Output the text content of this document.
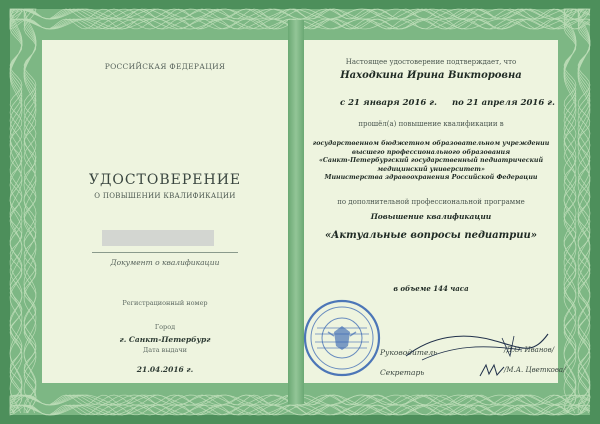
РОССИЙСКАЯ ФЕДЕРАЦИЯ
УДОСТОВЕРЕНИЕ
О ПОВЫШЕНИИ КВАЛИФИКАЦИИ
Документ о квалификации
Регистрационный номер
Город
г. Санкт-Петербург
Дата выдачи
21.04.2016 г.
Настоящее удостоверение подтверждает, что
Находкина Ирина Викторовна
с 21 января 2016 г. по 21 апреля 2016 г.
прошёл(а) повышение квалификации в
государственном бюджетном образовательном учреждении
высшего профессионального образования
«Санкт-Петербургский государственный педиатрический
медицинский университет»
Министерства здравоохранения Российской Федерации
по дополнительной профессиональной программе
Повышение квалификации
«Актуальные вопросы педиатрии»
в объеме 144 часа
Руководитель	/Д.О. Иванов/
Секретарь	/М.А. Цветкова/
